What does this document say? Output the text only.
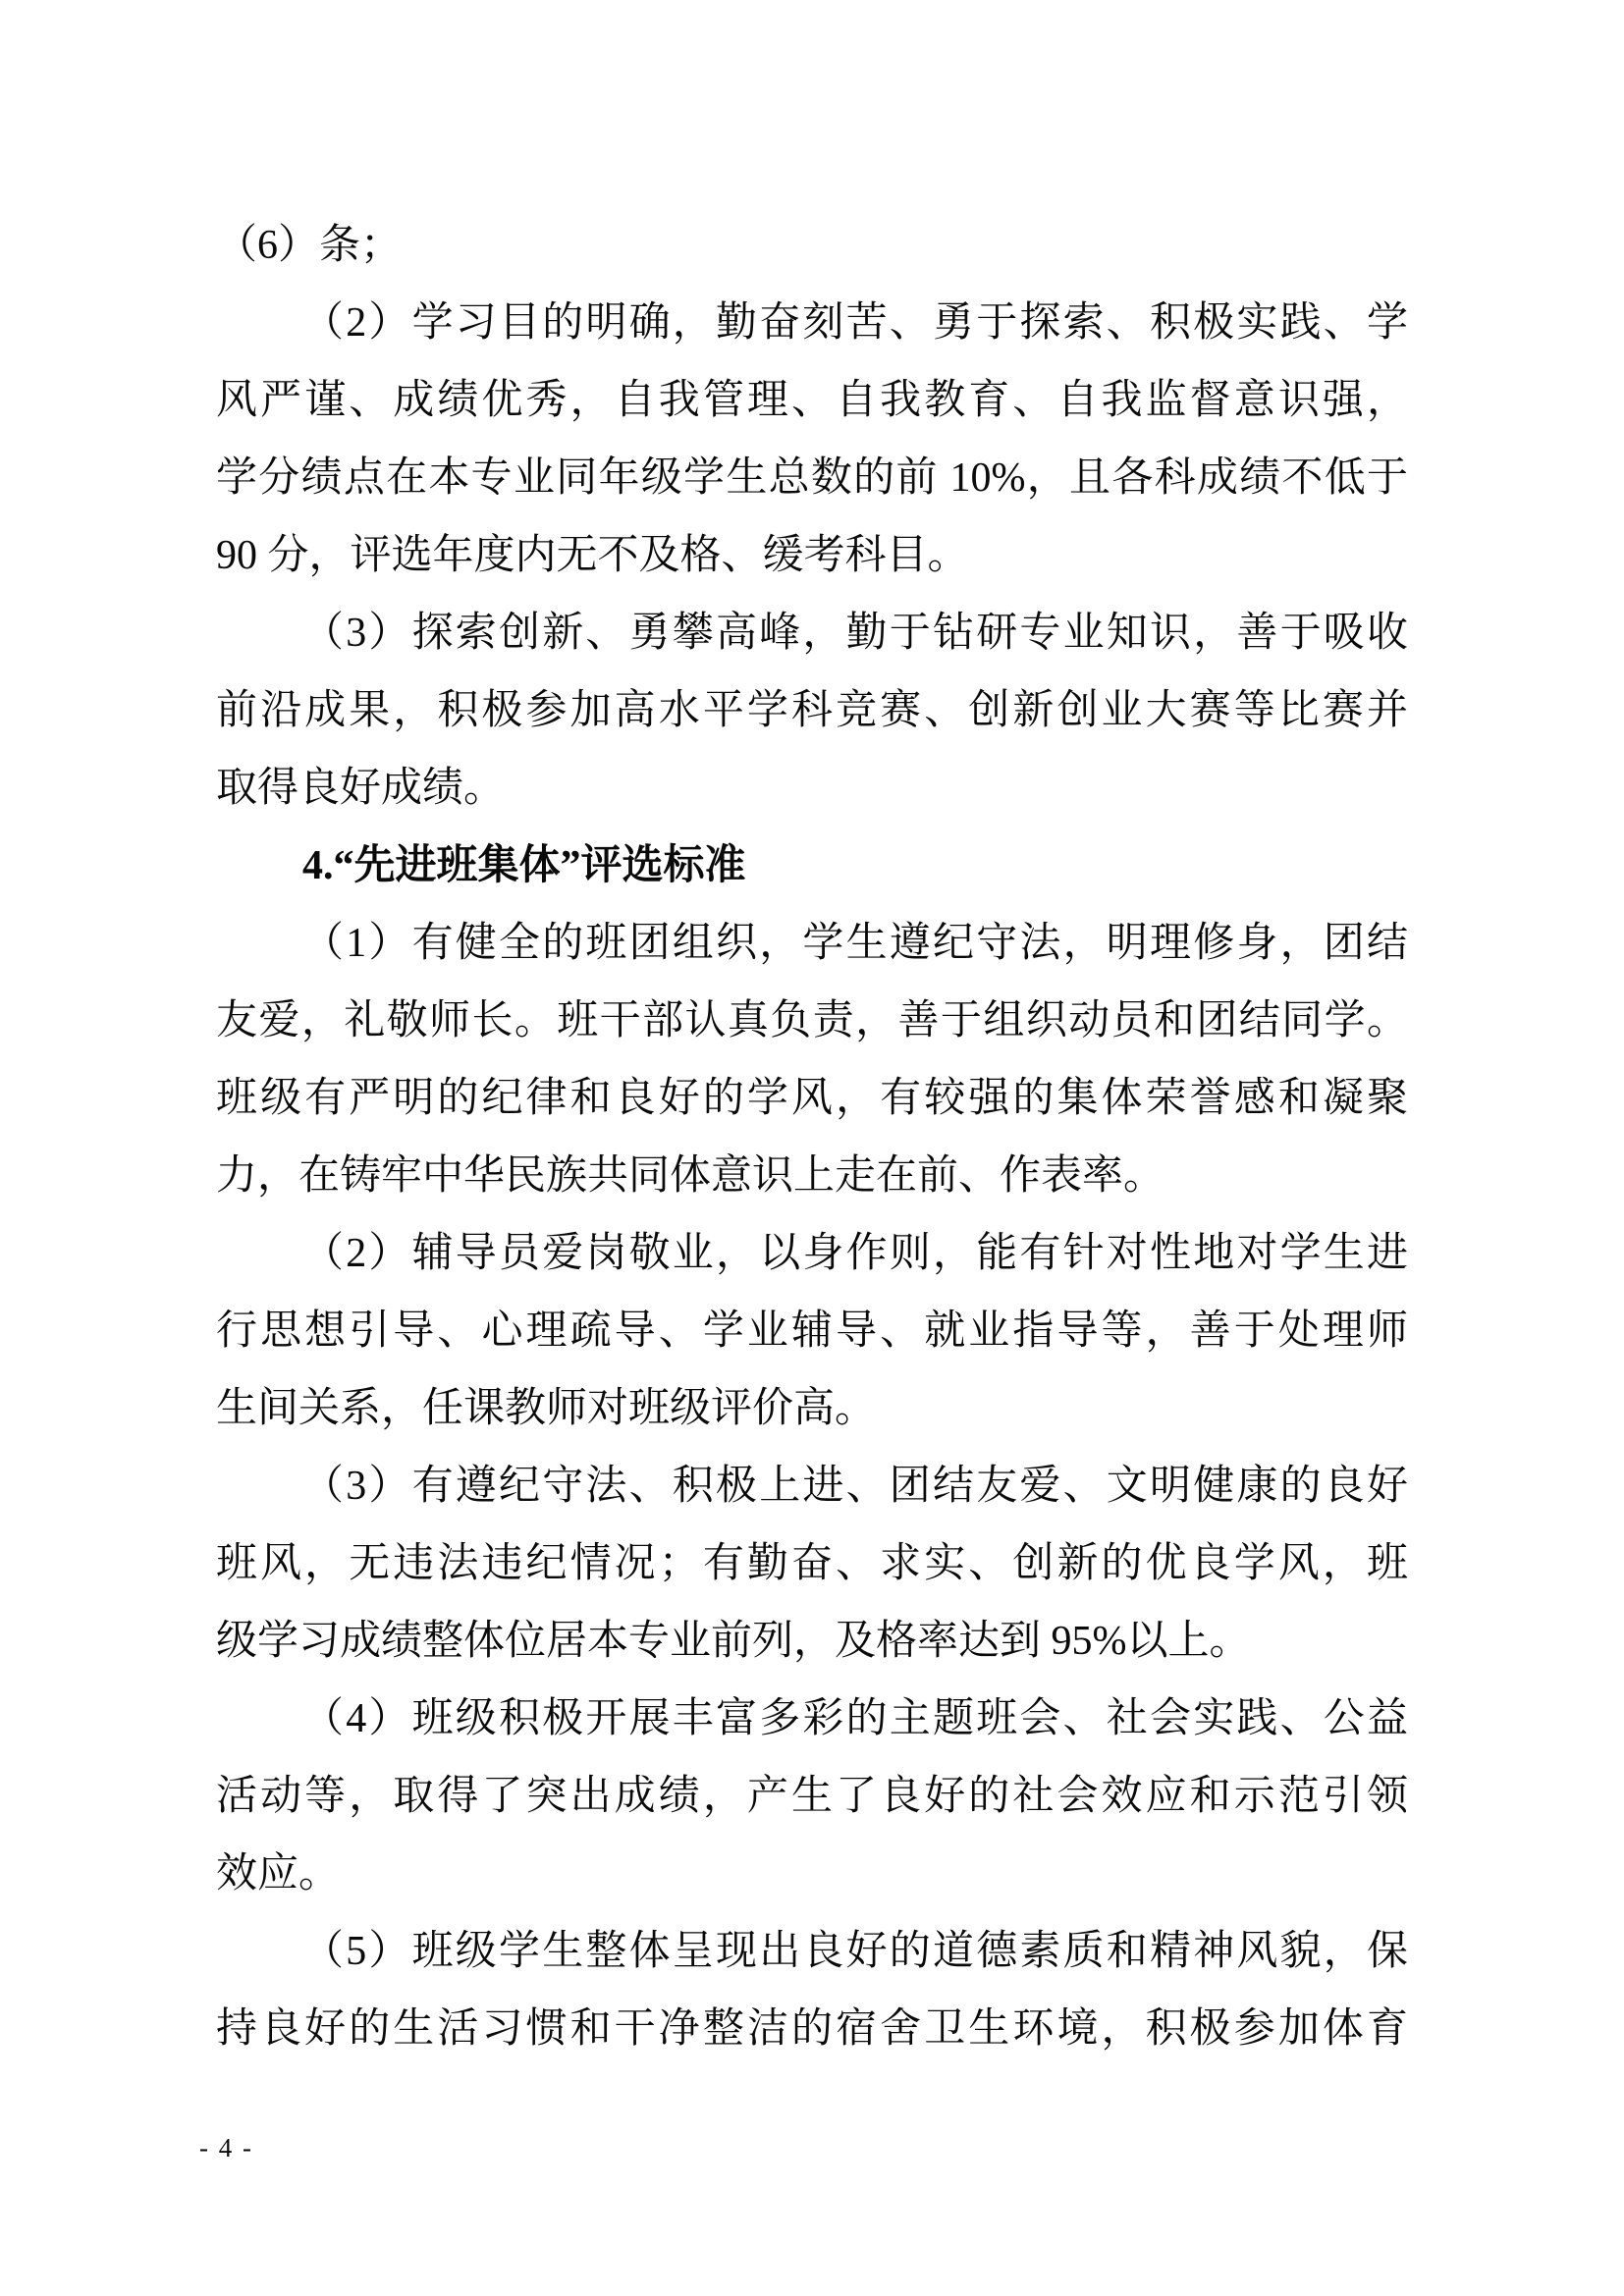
（6）条；
（2）学习目的明确，勤奋刻苦、勇于探索、积极实践、学
风严谨、成绩优秀，自我管理、自我教育、自我监督意识强，
学分绩点在本专业同年级学生总数的前 10%，且各科成绩不低于
90 分，评选年度内无不及格、缓考科目。
（3）探索创新、勇攀高峰，勤于钻研专业知识，善于吸收
前沿成果，积极参加高水平学科竞赛、创新创业大赛等比赛并
取得良好成绩。
4.“先进班集体”评选标准
（1）有健全的班团组织，学生遵纪守法，明理修身，团结
友爱，礼敬师长。班干部认真负责，善于组织动员和团结同学。
班级有严明的纪律和良好的学风，有较强的集体荣誉感和凝聚
力，在铸牢中华民族共同体意识上走在前、作表率。
（2）辅导员爱岗敬业，以身作则，能有针对性地对学生进
行思想引导、心理疏导、学业辅导、就业指导等，善于处理师
生间关系，任课教师对班级评价高。
（3）有遵纪守法、积极上进、团结友爱、文明健康的良好
班风，无违法违纪情况；有勤奋、求实、创新的优良学风，班
级学习成绩整体位居本专业前列，及格率达到 95%以上。
（4）班级积极开展丰富多彩的主题班会、社会实践、公益
活动等，取得了突出成绩，产生了良好的社会效应和示范引领
效应。
（5）班级学生整体呈现出良好的道德素质和精神风貌，保
持良好的生活习惯和干净整洁的宿舍卫生环境，积极参加体育
- 4 -
